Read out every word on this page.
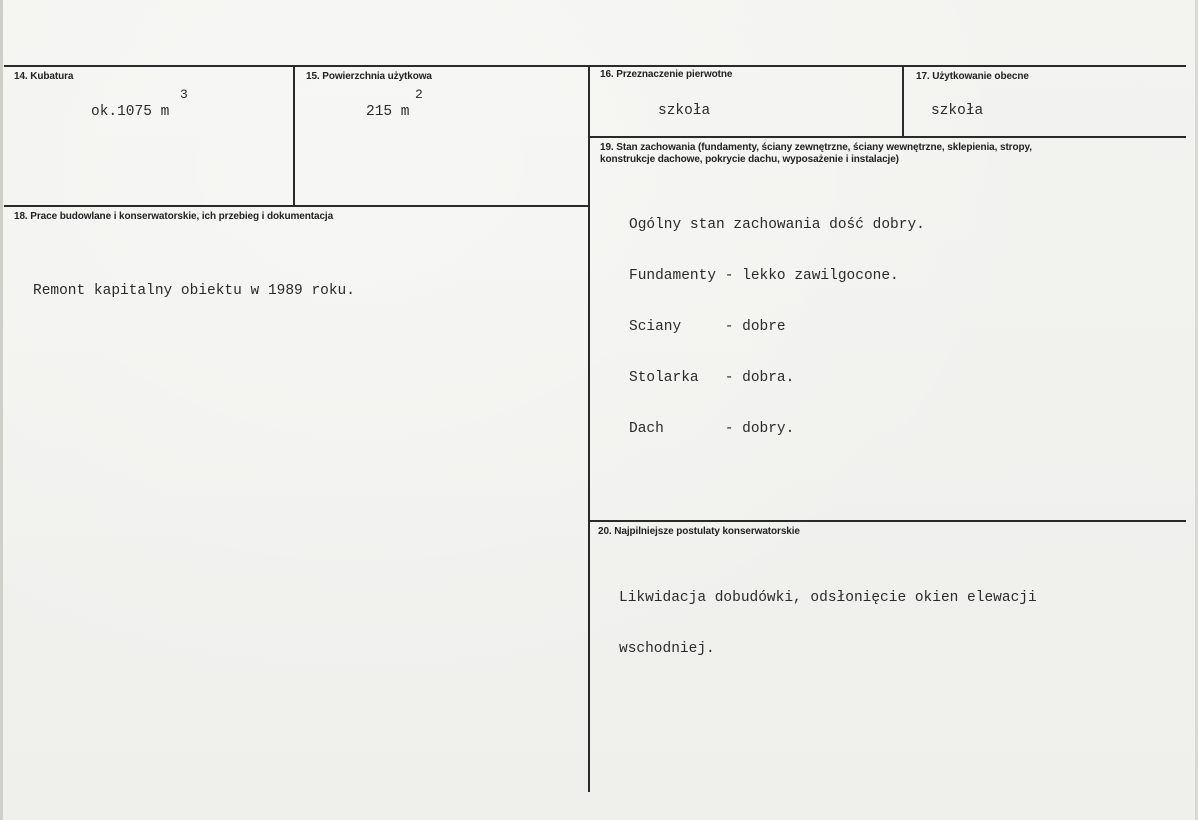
14. Kubatura
3
ok.1075 m
15. Powierzchnia użytkowa
2
215 m
16. Przeznaczenie pierwotne
szkoła
17. Użytkowanie obecne
szkoła
18. Prace budowlane i konserwatorskie, ich przebieg i dokumentacja
Remont kapitalny obiektu w 1989 roku.
19. Stan zachowania (fundamenty, ściany zewnętrzne, ściany wewnętrzne, sklepienia, stropy, konstrukcje dachowe, pokrycie dachu, wyposażenie i instalacje)

Ogólny stan zachowania dość dobry.

Fundamenty - lekko zawilgocone.

Sciany     - dobre

Stolarka   - dobra.

Dach       - dobry.

20. Najpilniejsze postulaty konserwatorskie

Likwidacja dobudówki, odsłonięcie okien elewacji

wschodniej.
